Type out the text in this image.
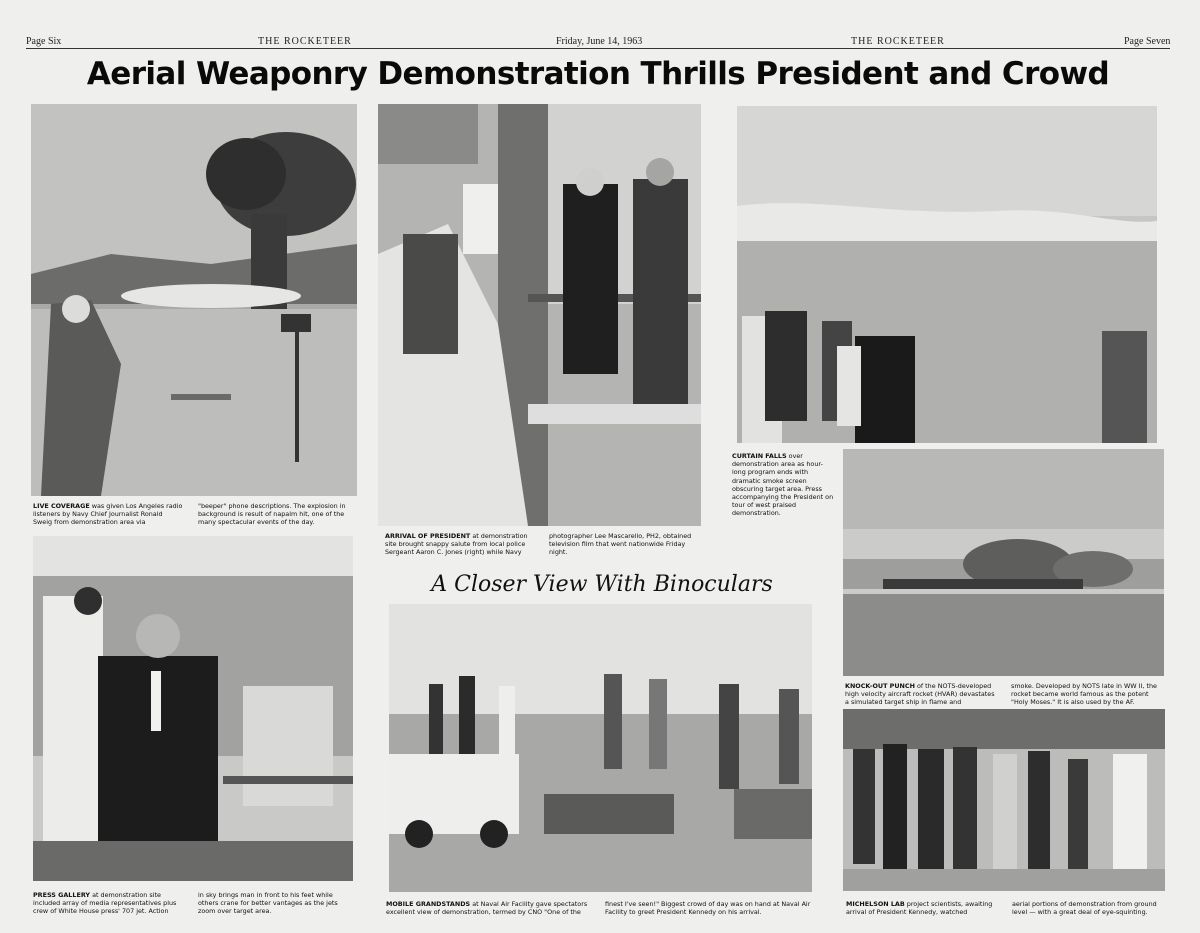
Page Six	THE ROCKETEER	Friday, June 14, 1963	THE ROCKETEER	Page Seven
Aerial Weaponry Demonstration Thrills President and Crowd
LIVE COVERAGE was given Los Angeles radio listeners by Navy Chief Journalist Ronald Sweig from demonstration area via
"beeper" phone descriptions. The explosion in background is result of napalm hit, one of the many spectacular events of the day.
ARRIVAL OF PRESIDENT at demonstration site brought snappy salute from local police Sergeant Aaron C. Jones (right) while Navy
photographer Lee Mascarello, PH2, obtained television film that went nationwide Friday night.
CURTAIN FALLS over demonstration area as hour-long program ends with dramatic smoke screen obscuring target area. Press accompanying the President on tour of west praised demonstration.
KNOCK-OUT PUNCH of the NOTS-developed high velocity aircraft rocket (HVAR) devastates a simulated target ship in flame and
smoke. Developed by NOTS late in WW II, the rocket became world famous as the potent "Holy Moses." It is also used by the AF.
PRESS GALLERY at demonstration site included array of media representatives plus crew of White House press' 707 jet. Action
in sky brings man in front to his feet while others crane for better vantages as the jets zoom over target area.
A Closer View With Binoculars
MOBILE GRANDSTANDS at Naval Air Facility gave spectators excellent view of demonstration, termed by CNO "One of the
finest I've seen!" Biggest crowd of day was on hand at Naval Air Facility to greet President Kennedy on his arrival.
MICHELSON LAB project scientists, awaiting arrival of President Kennedy, watched
aerial portions of demonstration from ground level — with a great deal of eye-squinting.
